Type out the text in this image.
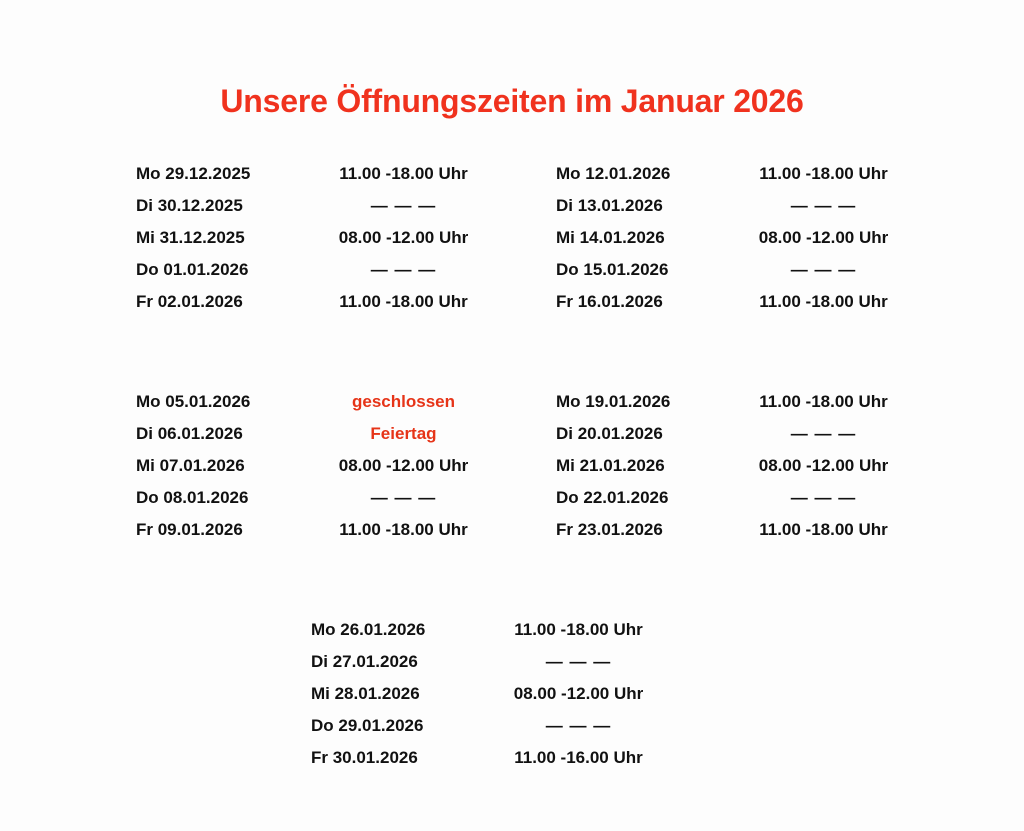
Unsere Öffnungszeiten im Januar 2026
Mo 29.12.2025	11.00 -18.00 Uhr
Di 30.12.2025	— — —
Mi 31.12.2025	08.00 -12.00 Uhr
Do 01.01.2026	— — —
Fr 02.01.2026	11.00 -18.00 Uhr
Mo 12.01.2026	11.00 -18.00 Uhr
Di 13.01.2026	— — —
Mi 14.01.2026	08.00 -12.00 Uhr
Do 15.01.2026	— — —
Fr 16.01.2026	11.00 -18.00 Uhr
Mo 05.01.2026	geschlossen
Di 06.01.2026	Feiertag
Mi 07.01.2026	08.00 -12.00 Uhr
Do 08.01.2026	— — —
Fr 09.01.2026	11.00 -18.00 Uhr
Mo 19.01.2026	11.00 -18.00 Uhr
Di 20.01.2026	— — —
Mi 21.01.2026	08.00 -12.00 Uhr
Do 22.01.2026	— — —
Fr 23.01.2026	11.00 -18.00 Uhr
Mo 26.01.2026	11.00 -18.00 Uhr
Di 27.01.2026	— — —
Mi 28.01.2026	08.00 -12.00 Uhr
Do 29.01.2026	— — —
Fr 30.01.2026	11.00 -16.00 Uhr
